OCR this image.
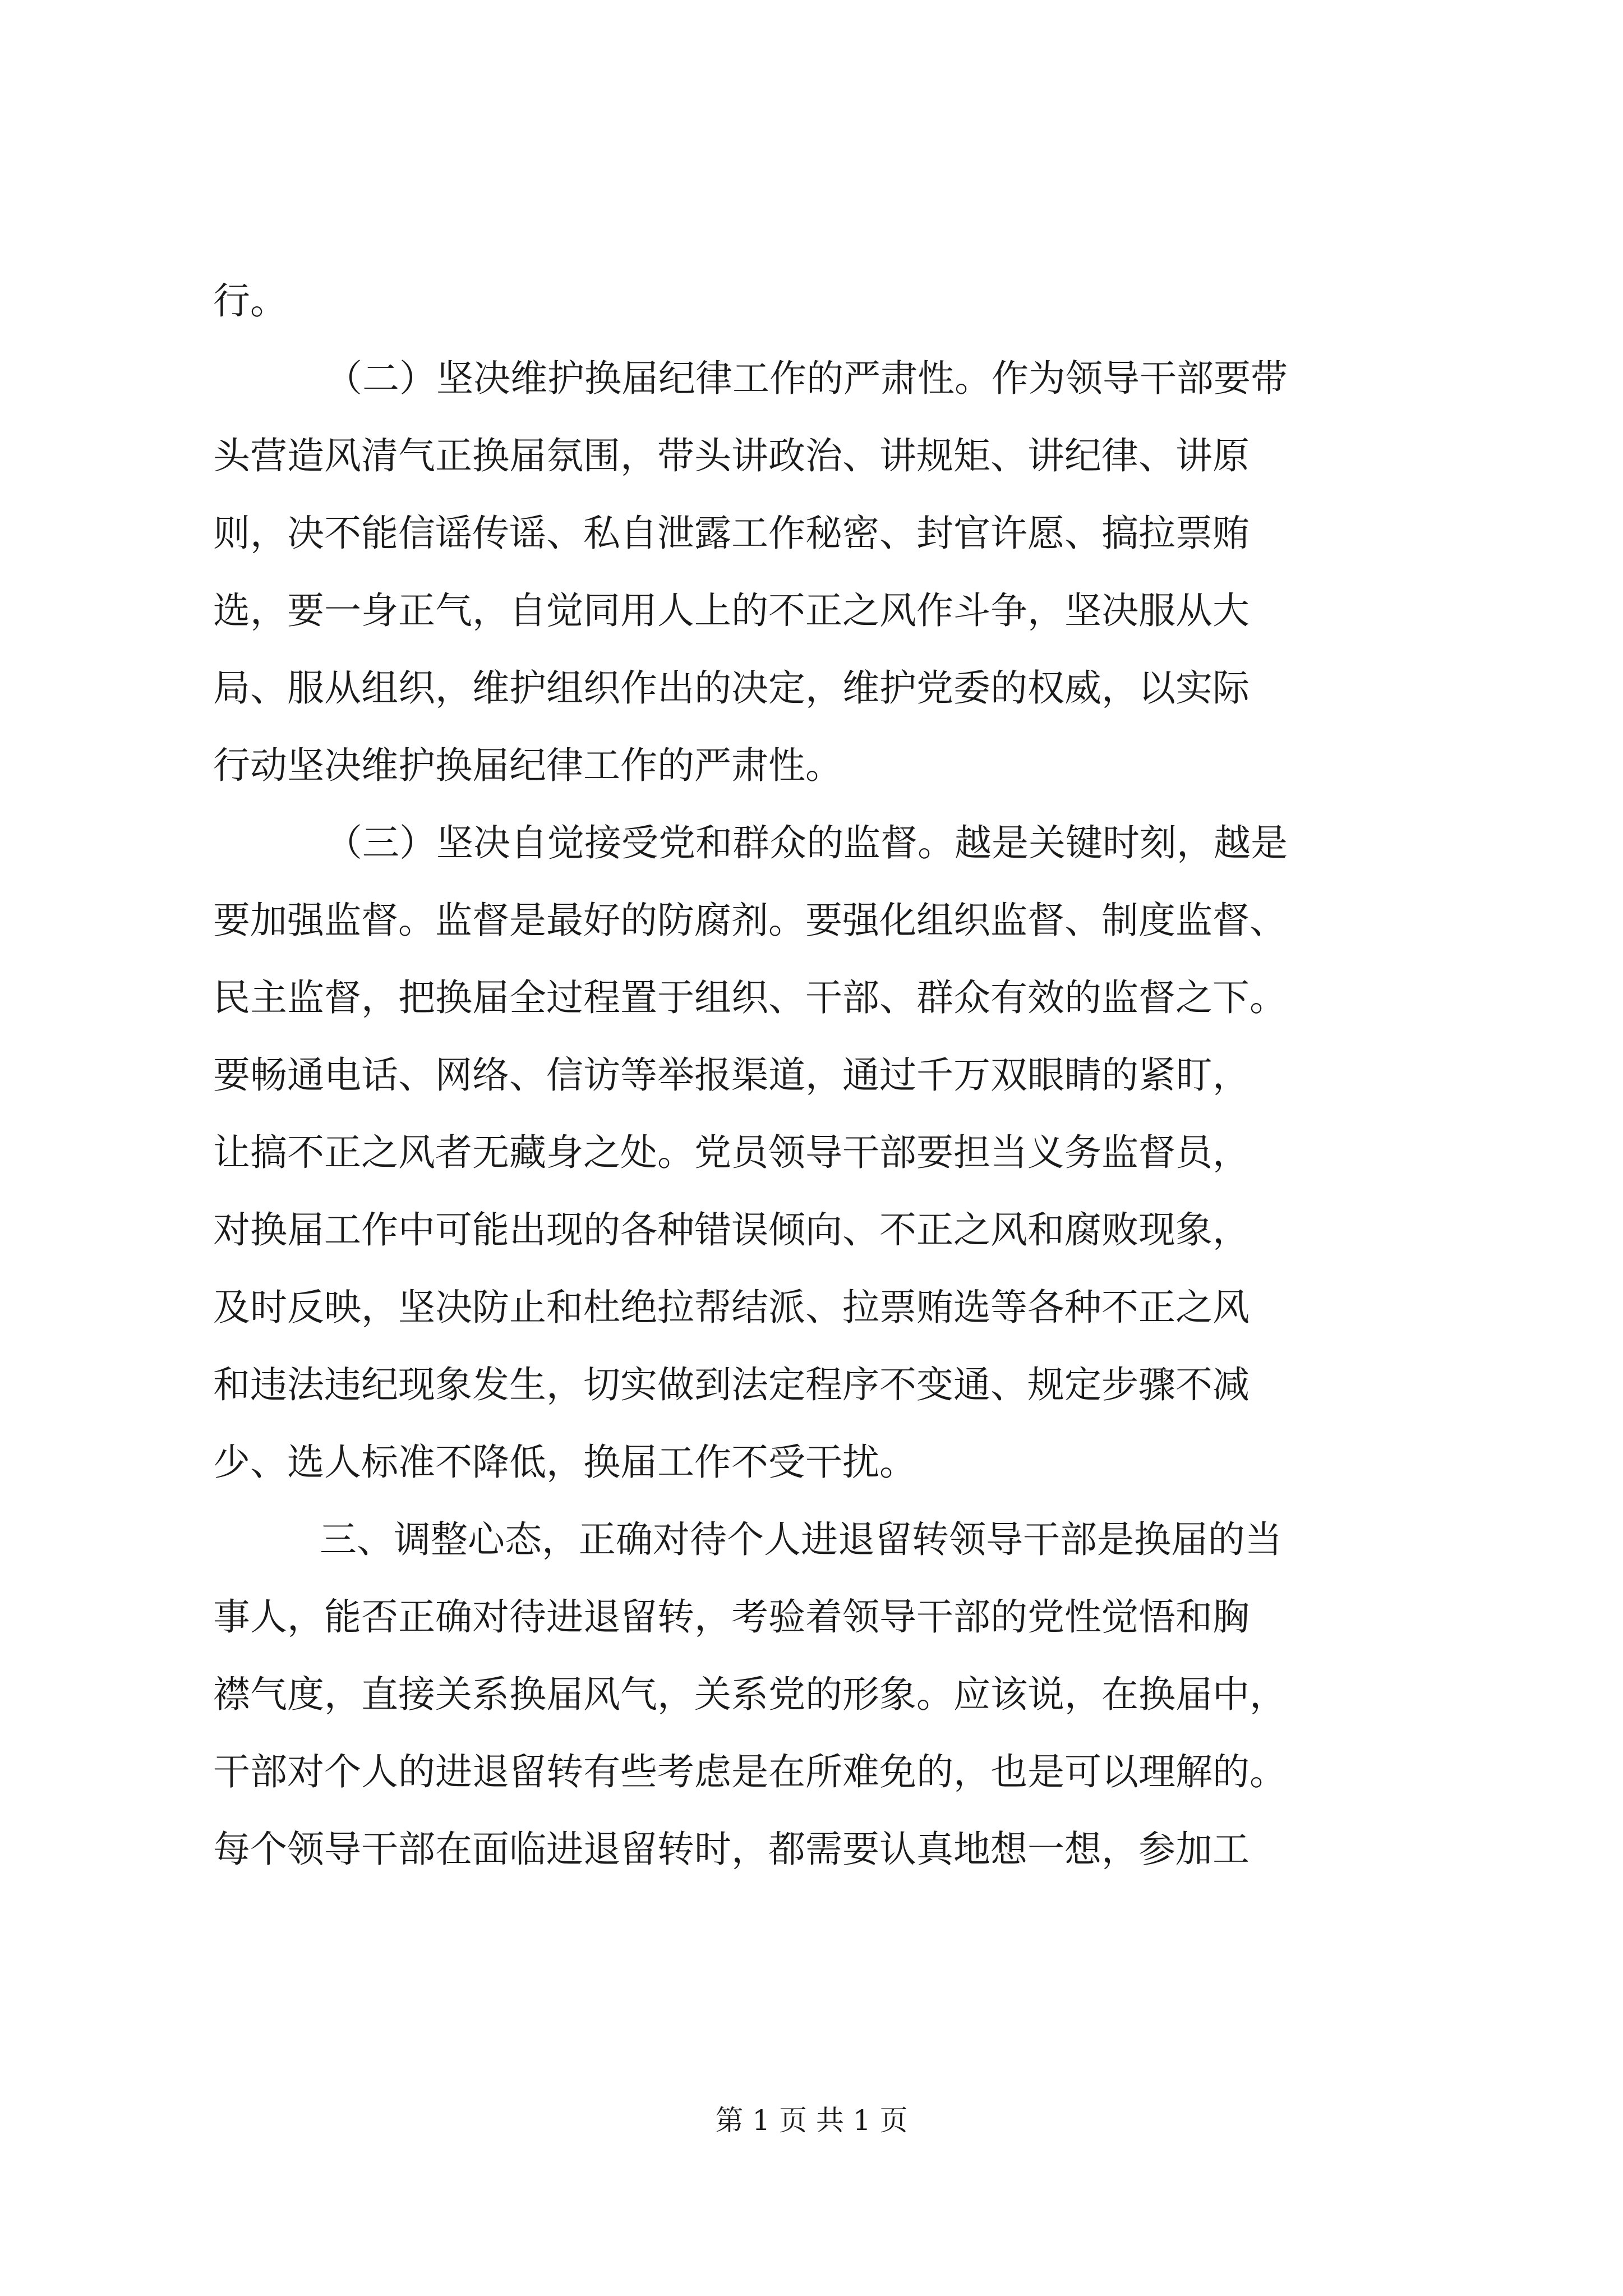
行。
（二）坚决维护换届纪律工作的严肃性。作为领导干部要带
头营造风清气正换届氛围，带头讲政治、讲规矩、讲纪律、讲原
则，决不能信谣传谣、私自泄露工作秘密、封官许愿、搞拉票贿
选，要一身正气，自觉同用人上的不正之风作斗争，坚决服从大
局、服从组织，维护组织作出的决定，维护党委的权威，以实际
行动坚决维护换届纪律工作的严肃性。
（三）坚决自觉接受党和群众的监督。越是关键时刻，越是
要加强监督。监督是最好的防腐剂。要强化组织监督、制度监督、
民主监督，把换届全过程置于组织、干部、群众有效的监督之下。
要畅通电话、网络、信访等举报渠道，通过千万双眼睛的紧盯，
让搞不正之风者无藏身之处。党员领导干部要担当义务监督员，
对换届工作中可能出现的各种错误倾向、不正之风和腐败现象，
及时反映，坚决防止和杜绝拉帮结派、拉票贿选等各种不正之风
和违法违纪现象发生，切实做到法定程序不变通、规定步骤不减
少、选人标准不降低，换届工作不受干扰。
三、调整心态，正确对待个人进退留转领导干部是换届的当
事人，能否正确对待进退留转，考验着领导干部的党性觉悟和胸
襟气度，直接关系换届风气，关系党的形象。应该说，在换届中，
干部对个人的进退留转有些考虑是在所难免的，也是可以理解的。
每个领导干部在面临进退留转时，都需要认真地想一想，参加工
第 1 页 共 1 页
